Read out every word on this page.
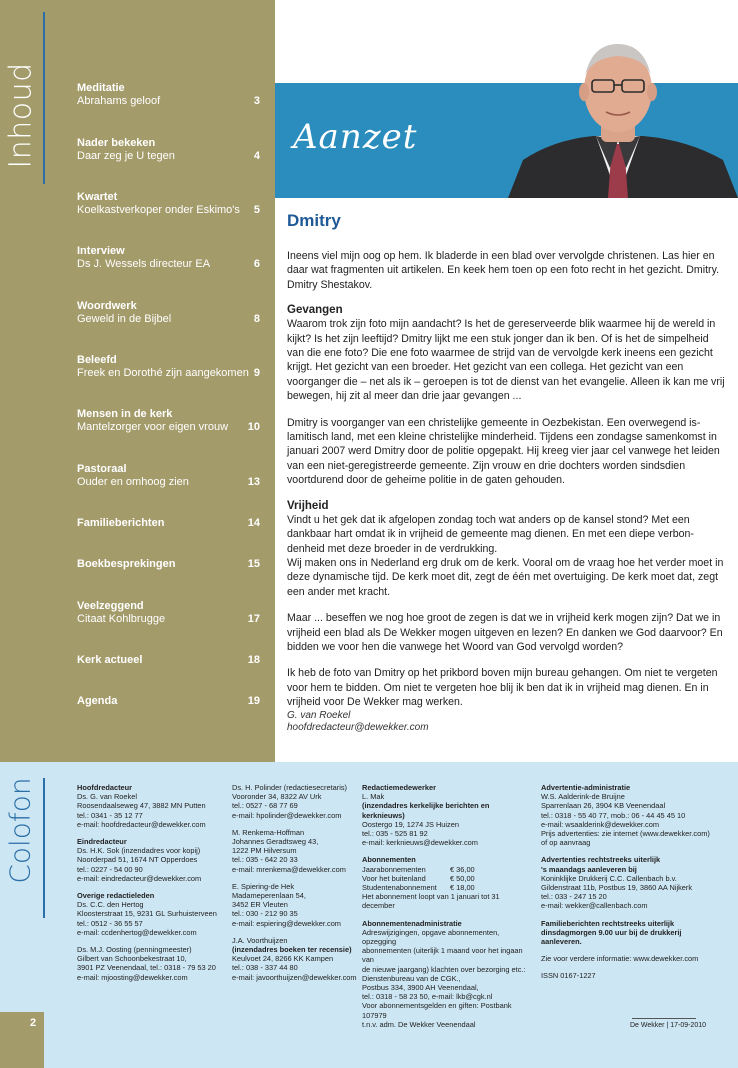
Inhoud	Meditatie
Abrahams geloof	3
Nader bekeken
Daar zeg je U tegen	4
Kwartet
Koelkastverkoper onder Eskimo's	5
Interview
Ds J. Wessels directeur EA	6
Woordwerk
Geweld in de Bijbel	8
Beleefd
Freek en Dorothé zijn aangekomen 9
Mensen in de kerk
Mantelzorger voor eigen vrouw	10
Pastoraal
Ouder en omhoog zien	13
Familieberichten	14
Boekbesprekingen	15
Veelzeggend
Citaat Kohlbrugge	17
Kerk actueel	18
Agenda	19
Aanzet
Dmitry

Ineens viel mijn oog op hem. Ik bladerde in een blad over vervolgde christenen. Las hier en daar wat fragmenten uit artikelen. En keek hem toen op een foto recht in het gezicht. Dmitry. Dmitry Shestakov.

Gevangen

Waarom trok zijn foto mijn aandacht? Is het de gereserveerde blik waarmee hij de wereld in kijkt? Is het zijn leeftijd? Dmitry lijkt me een stuk jonger dan ik ben. Of is het de simpelheid van die ene foto? Die ene foto waarmee de strijd van de vervolgde kerk ineens een gezicht krijgt. Het gezicht van een broeder. Het gezicht van een collega. Het gezicht van een voorganger die – net als ik – geroepen is tot de dienst van het evangelie. Alleen ik kan me vrij bewegen, hij zit al meer dan drie jaar gevangen ...

Dmitry is voorganger van een christelijke gemeente in Oezbekistan. Een overwegend islamitisch land, met een kleine christelijke minderheid. Tijdens een zondagse samenkomst in januari 2007 werd Dmitry door de politie opgepakt. Hij kreeg vier jaar cel vanwege het leiden van een niet-geregistreerde gemeente. Zijn vrouw en drie dochters worden sindsdien voortdurend door de geheime politie in de gaten gehouden.

Vrijheid

Vindt u het gek dat ik afgelopen zondag toch wat anders op de kansel stond? Met een dankbaar hart omdat ik in vrijheid de gemeente mag dienen. En met een diepe verbondenheid met deze broeder in de verdrukking.

Wij maken ons in Nederland erg druk om de kerk. Vooral om de vraag hoe het verder moet in deze dynamische tijd. De kerk moet dit, zegt de één met overtuiging. De kerk moet dat, zegt een ander met kracht.

Maar ... beseffen we nog hoe groot de zegen is dat we in vrijheid kerk mogen zijn? Dat we in vrijheid een blad als De Wekker mogen uitgeven en lezen? En danken we God daarvoor? En bidden we voor hen die vanwege het Woord van God vervolgd worden?

Ik heb de foto van Dmitry op het prikbord boven mijn bureau gehangen. Om niet te vergeten voor hem te bidden. Om niet te vergeten hoe blij ik ben dat ik in vrijheid mag dienen. En in vrijheid voor De Wekker mag werken.

G. van Roekel
hoofdredacteur@dewekker.com
Colofon	Hoofdredacteur
Ds. G. van Roekel
Roosendaalseweg 47, 3882 MN Putten
tel.: 0341 - 35 12 77
e-mail: hoofdredacteur@dewekker.com
Eindredacteur
Ds. H.K. Sok (inzendadres voor kopij)
Noorderpad 51, 1674 NT Opperdoes
tel.: 0227 - 54 00 90
e-mail: eindredacteur@dewekker.com
Overige redactieleden
Ds. C.C. den Hertog
Kloosterstraat 15, 9231 GL Surhuisterveen
tel.: 0512 - 36 55 57
e-mail: ccdenhertog@dewekker.com
Ds. M.J. Oosting (penningmeester)
Gilbert van Schoonbekestraat 10,
3901 PZ Veenendaal, tel.: 0318 - 79 53 20
e-mail: mjoosting@dewekker.com
Ds. H. Polinder (redactiesecretaris)
Vooronder 34, 8322 AV Urk
tel.: 0527 - 68 77 69
e-mail: hpolinder@dewekker.com
M. Renkema-Hoffman
Johannes Geradtsweg 43,
1222 PM Hilversum
tel.: 035 - 642 20 33
e-mail: mrenkema@dewekker.com
E. Spiering-de Hek
Madameperenlaan 54,
3452 ER Vleuten
tel.: 030 - 212 90 35
e-mail: espiering@dewekker.com
J.A. Voorthuijzen
(inzendadres boeken ter recensie)
Keulvoet 24, 8266 KK Kampen
tel.: 038 - 337 44 80
e-mail: javoorthuijzen@dewekker.com
Redactiemedewerker
L. Mak
(inzendadres kerkelijke berichten en kerknieuws)
Oostergo 19, 1274 JS Huizen
tel.: 035 - 525 81 92
e-mail: kerknieuws@dewekker.com
Abonnementen
Jaarabonnementen	€ 36,00
Voor het buitenland	€ 50,00
Studentenabonnement	€ 18,00
Het abonnement loopt van 1 januari tot 31 december
Abonnementenadministratie
Adreswijzigingen, opgave abonnementen, opzegging
abonnementen (uiterlijk 1 maand voor het ingaan van
de nieuwe jaargang) klachten over bezorging etc.:
Dienstenbureau van de CGK.,
Postbus 334, 3900 AH Veenendaal,
tel.: 0318 - 58 23 50, e-mail: lkb@cgk.nl
Voor abonnementsgelden en giften: Postbank 107979
t.n.v. adm. De Wekker Veenendaal
Advertentie-administratie
W.S. Aalderink-de Bruijne
Sparrenlaan 26, 3904 KB Veenendaal
tel.: 0318 - 55 40 77, mob.: 06 - 44 45 45 10
e-mail: wsaalderink@dewekker.com
Prijs advertenties: zie internet (www.dewekker.com)
of op aanvraag
Advertenties rechtstreeks uiterlijk
's maandags aanleveren bij
Koninklijke Drukkerij C.C. Callenbach b.v.
Gildenstraat 11b, Postbus 19, 3860 AA Nijkerk
tel.: 033 - 247 15 20
e-mail: wekker@callenbach.com
Familieberichten rechtstreeks uiterlijk
dinsdagmorgen 9.00 uur bij de drukkerij
aanleveren.
Zie voor verdere informatie: www.dewekker.com
ISSN 0167-1227
2	De Wekker | 17-09-2010
